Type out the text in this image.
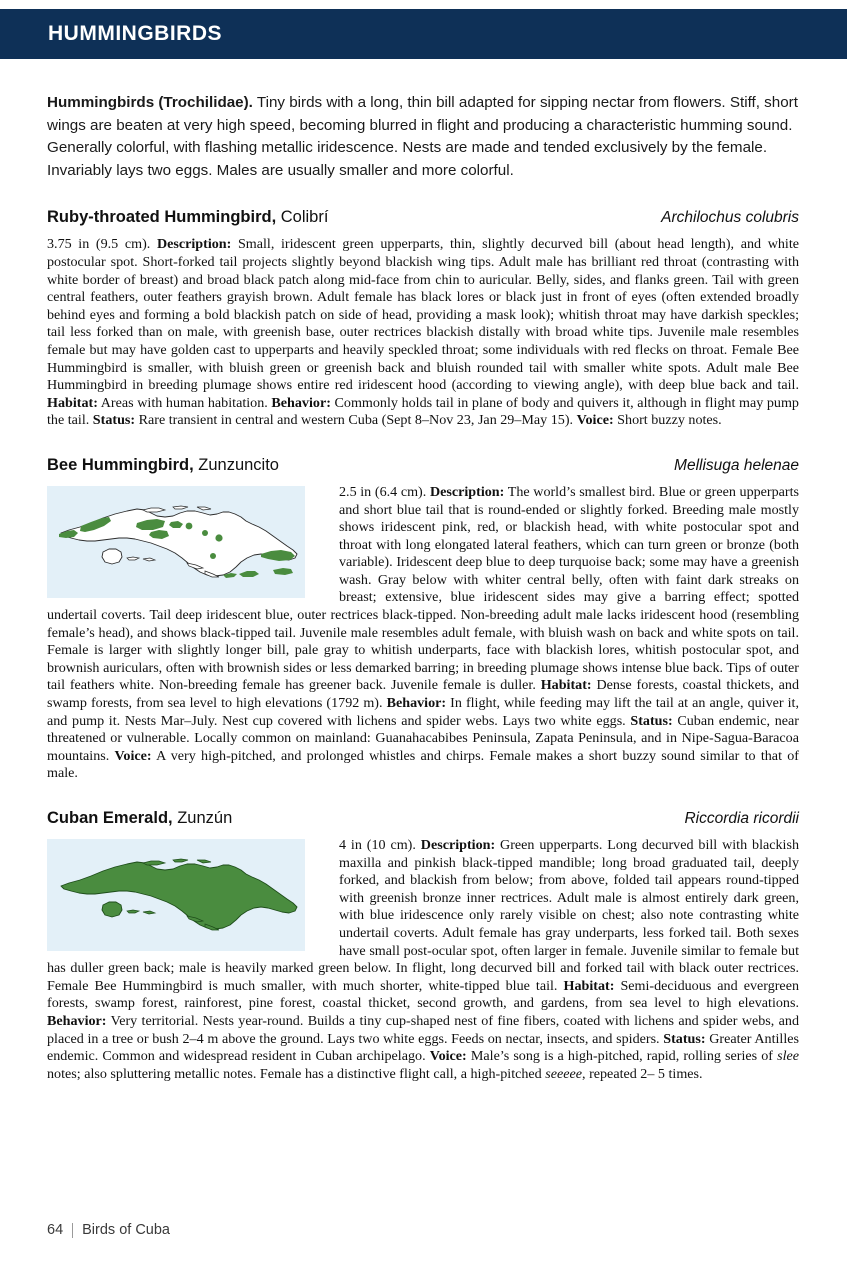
HUMMINGBIRDS

Hummingbirds (Trochilidae). Tiny birds with a long, thin bill adapted for sipping nectar from flowers. Stiff, short wings are beaten at very high speed, becoming blurred in flight and producing a characteristic humming sound. Generally colorful, with flashing metallic iridescence. Nests are made and tended exclusively by the female. Invariably lays two eggs. Males are usually smaller and more colorful.

Ruby-throated Hummingbird, Colibrí	Archilochus colubris
3.75 in (9.5 cm). Description: Small, iridescent green upperparts, thin, slightly decurved bill (about head length), and white postocular spot. Short-forked tail projects slightly beyond blackish wing tips. Adult male has brilliant red throat (contrasting with white border of breast) and broad black patch along mid-face from chin to auricular. Belly, sides, and flanks green. Tail with green central feathers, outer feathers grayish brown. Adult female has black lores or black just in front of eyes (often extended broadly behind eyes and forming a bold blackish patch on side of head, providing a mask look); whitish throat may have darkish speckles; tail less forked than on male, with greenish base, outer rectrices blackish distally with broad white tips. Juvenile male resembles female but may have golden cast to upperparts and heavily speckled throat; some individuals with red flecks on throat. Female Bee Hummingbird is smaller, with bluish green or greenish back and bluish rounded tail with smaller white spots. Adult male Bee Hummingbird in breeding plumage shows entire red iridescent hood (according to viewing angle), with deep blue back and tail. Habitat: Areas with human habitation. Behavior: Commonly holds tail in plane of body and quivers it, although in flight may pump the tail. Status: Rare transient in central and western Cuba (Sept 8–Nov 23, Jan 29–May 15). Voice: Short buzzy notes.
Bee Hummingbird, Zunzuncito	Mellisuga helenae
2.5 in (6.4 cm). Description: The world’s smallest bird. Blue or green upperparts and short blue tail that is round-ended or slightly forked. Breeding male mostly shows iridescent pink, red, or blackish head, with white postocular spot and throat with long elongated lateral feathers, which can turn green or bronze (both variable). Iridescent deep blue to deep turquoise back; some may have a greenish wash. Gray below with whiter central belly, often with faint dark streaks on breast; extensive, blue iridescent sides may give a barring effect; spotted undertail coverts. Tail deep iridescent blue, outer rectrices black-tipped. Non-breeding adult male lacks iridescent hood (resembling female’s head), and shows black-tipped tail. Juvenile male resembles adult female, with bluish wash on back and white spots on tail. Female is larger with slightly longer bill, pale gray to whitish underparts, face with blackish lores, whitish postocular spot, and brownish auriculars, often with brownish sides or less demarked barring; in breeding plumage shows intense blue back. Tips of outer tail feathers white. Non-breeding female has greener back. Juvenile female is duller. Habitat: Dense forests, coastal thickets, and swamp forests, from sea level to high elevations (1792 m). Behavior: In flight, while feeding may lift the tail at an angle, quiver it, and pump it. Nests Mar–July. Nest cup covered with lichens and spider webs. Lays two white eggs. Status: Cuban endemic, near threatened or vulnerable. Locally common on mainland: Guanahacabibes Peninsula, Zapata Peninsula, and in Nipe-Sagua-Baracoa mountains. Voice: A very high-pitched, and prolonged whistles and chirps. Female makes a short buzzy sound similar to that of male.
Cuban Emerald, Zunzún	Riccordia ricordii
4 in (10 cm). Description: Green upperparts. Long decurved bill with blackish maxilla and pinkish black-tipped mandible; long broad graduated tail, deeply forked, and blackish from below; from above, folded tail appears round-tipped with greenish bronze inner rectrices. Adult male is almost entirely dark green, with blue iridescence only rarely visible on chest; also note contrasting white undertail coverts. Adult female has gray underparts, less forked tail. Both sexes have small post-ocular spot, often larger in female. Juvenile similar to female but has duller green back; male is heavily marked green below. In flight, long decurved bill and forked tail with black outer rectrices. Female Bee Hummingbird is much smaller, with much shorter, white-tipped blue tail. Habitat: Semi-deciduous and evergreen forests, swamp forest, rainforest, pine forest, coastal thicket, second growth, and gardens, from sea level to high elevations. Behavior: Very territorial. Nests year-round. Builds a tiny cup-shaped nest of fine fibers, coated with lichens and spider webs, and placed in a tree or bush 2–4 m above the ground. Lays two white eggs. Feeds on nectar, insects, and spiders. Status: Greater Antilles endemic. Common and widespread resident in Cuban archipelago. Voice: Male’s song is a high-pitched, rapid, rolling series of slee notes; also spluttering metallic notes. Female has a distinctive flight call, a high-pitched seeeee, repeated 2– 5 times.
64	Birds of Cuba
